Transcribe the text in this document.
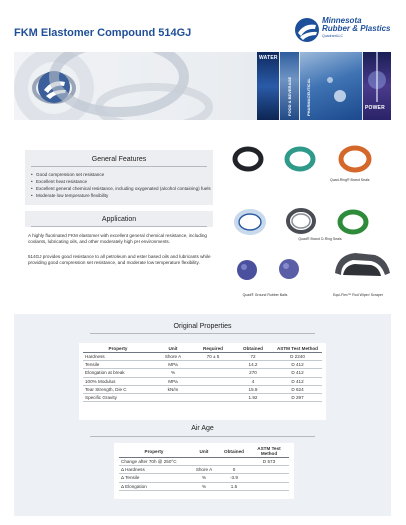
FKM Elastomer Compound 514GJ
Minnesota
Rubber & Plastics
QuadrantLLC
WATER
FOOD & BEVERAGE	PHARMACEUTICAL	POWER
General Features
• Good compression set resistance
• Excellent heat resistance
• Excellent general chemical resistance, including oxygenated (alcohol containing) fuels
• Moderate low temperature flexibility
Application
A highly fluorinated FKM elastomer with excellent general chemical resistance, including coolants, lubricating oils, and other moderately high pH environments.
514GJ provides good resistance to all petroleum and ester based oils and lubricants while providing good compression set resistance, and moderate low temperature flexibility.
Quad-Ring® Brand Seals
Quad® Brand O-Ring Seals
Quad® Ground Rubber Balls	Equi-Flex™ Rod Wiper/ Scraper
Original Properties
Property	Unit	Required	Obtained	ASTM Test Method
Hardness	Shore A	70 ± 5	72	D 2240
Tensile	MPa		14.2	D 412
Elongation at break	%		270	D 412
100% Modulus	MPa		4	D 412
Tear Strength, Die C	kN/m		15.9	D 624
Specific Gravity			1.92	D 297
Air Age
Property	Unit	Obtained	ASTM Test Method
Change after 70h @ 250°C			D 573
Δ Hardness	Shore A	0	
Δ Tensile	%	-3.9	
Δ Elongation	%	1.5	
